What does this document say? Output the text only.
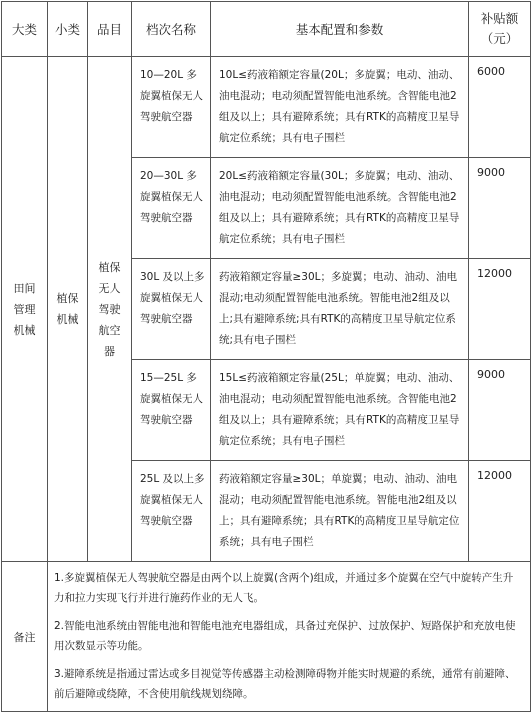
大类	小类	品目	档次名称	基本配置和参数	补贴额（元）
田间管理机械	植保机械	植保无人驾驶航空器	10—20L 多旋翼植保无人驾驶航空器	10L≤药液箱额定容量(20L；多旋翼；电动、油动、油电混动；电动须配置智能电池系统。含智能电池2组及以上；具有避障系统；具有RTK的高精度卫星导航定位系统；具有电子围栏	6000
			20—30L 多旋翼植保无人驾驶航空器	20L≤药液箱额定容量(30L；多旋翼；电动、油动、油电混动；电动须配置智能电池系统。含智能电池2组及以上；具有避障系统；具有RTK的高精度卫星导航定位系统；具有电子围栏	9000
			30L 及以上多旋翼植保无人驾驶航空器	药液箱额定容量≥30L；多旋翼；电动、油动、油电混动;电动须配置智能电池系统。智能电池2组及以上;具有避障系统;具有RTK的高精度卫星导航定位系统;具有电子围栏	12000
			15—25L 多旋翼植保无人驾驶航空器	15L≤药液箱额定容量(25L；单旋翼；电动、油动、油电混动；电动须配置智能电池系统。含智能电池2组及以上；具有避障系统；具有RTK的高精度卫星导航定位系统；具有电子围栏	9000
			25L 及以上多旋翼植保无人驾驶航空器	药液箱额定容量≥30L；单旋翼；电动、油动、油电混动；电动须配置智能电池系统。智能电池2组及以上；具有避障系统；具有RTK的高精度卫星导航定位系统；具有电子围栏	12000
备注	1.多旋翼植保无人驾驶航空器是由两个以上旋翼(含两个)组成，并通过多个旋翼在空气中旋转产生升力和拉力实现飞行并进行施药作业的无人飞。

2.智能电池系统由智能电池和智能电池充电器组成，具备过充保护、过放保护、短路保护和充放电使用次数显示等功能。

3.避障系统是指通过雷达或多目视觉等传感器主动检测障碍物并能实时规避的系统，通常有前避障、前后避障或绕障，不含使用航线规划绕障。				
